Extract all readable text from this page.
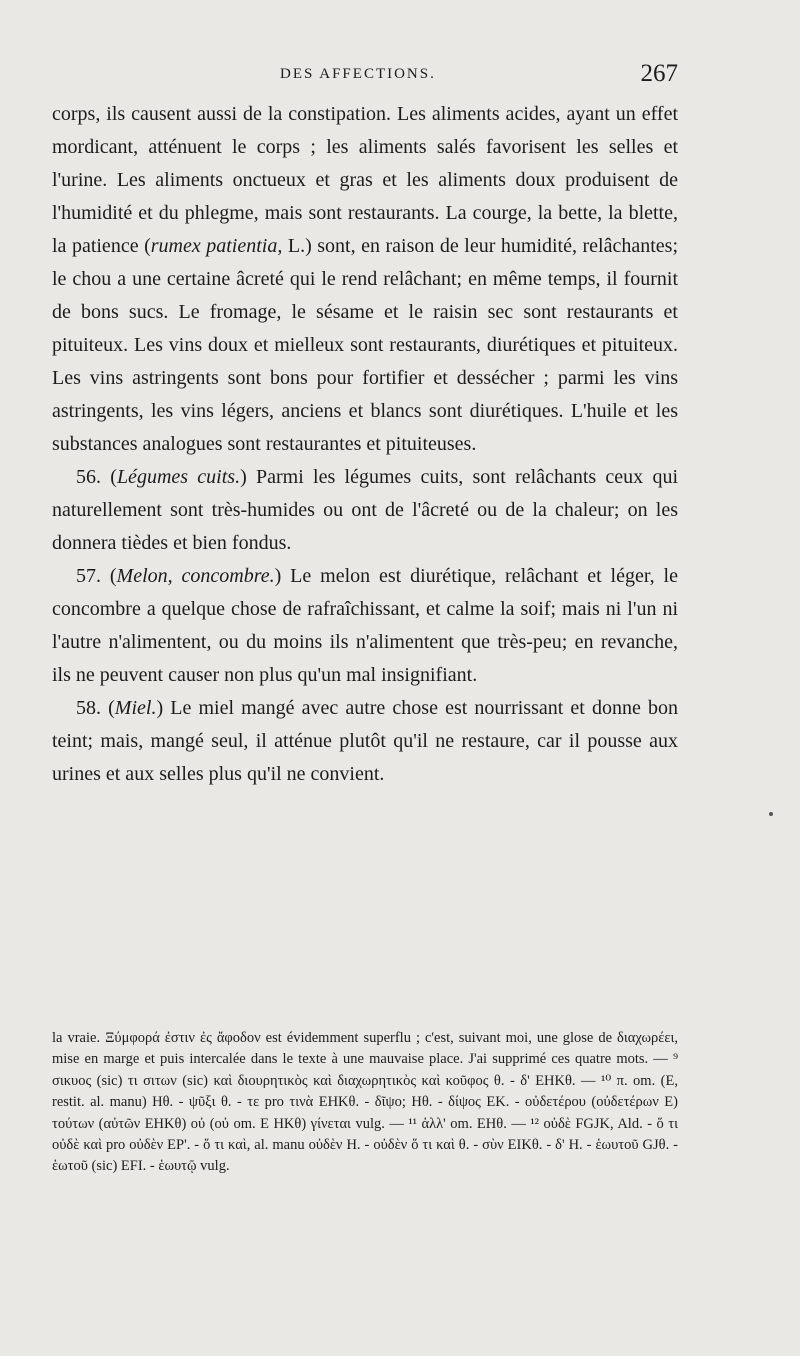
DES AFFECTIONS.	267

corps, ils causent aussi de la constipation. Les aliments acides, ayant un effet mordicant, atténuent le corps ; les aliments salés favorisent les selles et l'urine. Les aliments onctueux et gras et les aliments doux produisent de l'humidité et du phlegme, mais sont restaurants. La courge, la bette, la blette, la patience (rumex patientia, L.) sont, en raison de leur humidité, relâchantes; le chou a une certaine âcreté qui le rend relâchant; en même temps, il fournit de bons sucs. Le fromage, le sésame et le raisin sec sont restaurants et pituiteux. Les vins doux et mielleux sont restaurants, diurétiques et pituiteux. Les vins astringents sont bons pour fortifier et dessécher ; parmi les vins astringents, les vins légers, anciens et blancs sont diurétiques. L'huile et les substances analogues sont restaurantes et pituiteuses.

56. (Légumes cuits.) Parmi les légumes cuits, sont relâchants ceux qui naturellement sont très-humides ou ont de l'âcreté ou de la chaleur; on les donnera tièdes et bien fondus.

57. (Melon, concombre.) Le melon est diurétique, relâchant et léger, le concombre a quelque chose de rafraîchissant, et calme la soif; mais ni l'un ni l'autre n'alimentent, ou du moins ils n'alimentent que très-peu; en revanche, ils ne peuvent causer non plus qu'un mal insignifiant.

58. (Miel.) Le miel mangé avec autre chose est nourrissant et donne bon teint; mais, mangé seul, il atténue plutôt qu'il ne restaure, car il pousse aux urines et aux selles plus qu'il ne convient.

la vraie. Ξύμφορά ἐστιν ἐς ἄφοδον est évidemment superflu ; c'est, suivant moi, une glose de διαχωρέει, mise en marge et puis intercalée dans le texte à une mauvaise place. J'ai supprimé ces quatre mots. — ⁹ σικυος (sic) τι σιτων (sic) καὶ διουρητικὸς καὶ διαχωρητικὸς καὶ κοῦφος θ. - δ' EHKθ. — ¹⁰ π. om. (E, restit. al. manu) Hθ. - ψῦξι θ. - τε pro τινὰ EHKθ. - δῖψο; Hθ. - δίψος EK. - οὐδετέρου (οὐδετέρων E) τούτων (αὐτῶν EHKθ) οὐ (οὐ om. E HKθ) γίνεται vulg. — ¹¹ ἀλλ' om. EHθ. — ¹² οὐδὲ FGJK, Ald. - ὅ τι οὐδὲ καὶ pro οὐδὲν EP'. - ὅ τι καὶ, al. manu οὐδὲν H. - οὐδὲν ὅ τι καὶ θ. - σὺν EIKθ. - δ' H. - ἑωυτοῦ GJθ. - ἑωτοῦ (sic) EFI. - ἑωυτῷ vulg.
